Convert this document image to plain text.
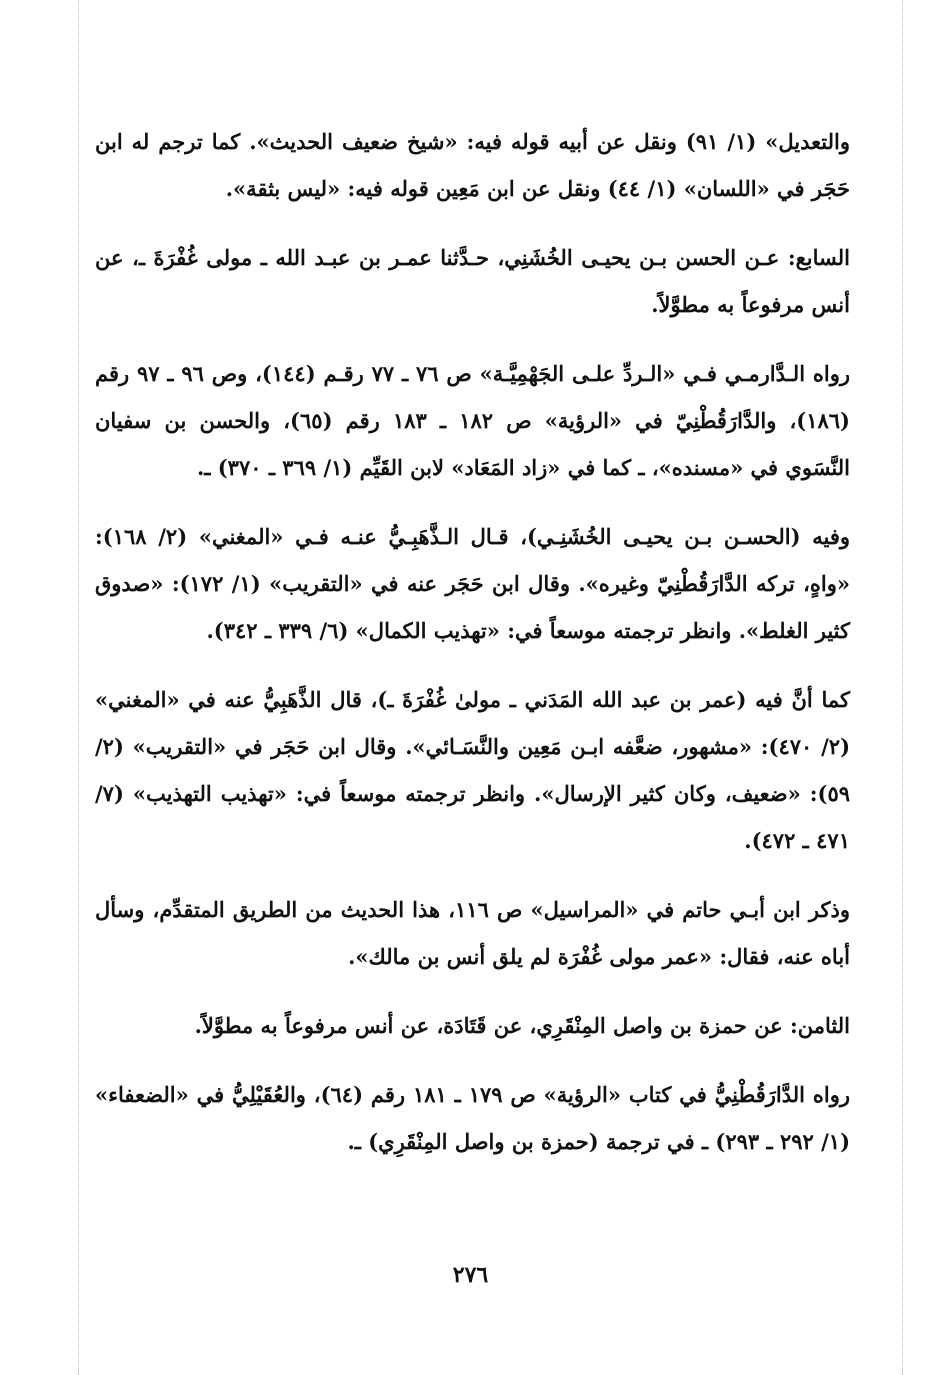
والتعديل» (١/ ٩١) ونقل عن أبيه قوله فيه: «شيخ ضعيف الحديث». كما ترجم له ابن حَجَر في «اللسان» (١/ ٤٤) ونقل عن ابن مَعِين قوله فيه: «ليس بثقة».

السابع: عـن الحسن بـن يحيـى الخُشَنِي، حـدَّثنا عمـر بن عبـد الله ـ مولى غُفْرَةَ ـ، عن أنس مرفوعاً به مطوَّلاً.

رواه الـدَّارمـي فـي «الـردِّ علـى الجَهْمِيَّـة» ص ٧٦ ـ ٧٧ رقـم (١٤٤)، وص ٩٦ ـ ٩٧ رقم (١٨٦)، والدَّارَقُطْنِيّ في «الرؤية» ص ١٨٢ ـ ١٨٣ رقم (٦٥)، والحسن بن سفيان النَّسَوي في «مسنده»، ـ كما في «زاد المَعَاد» لابن القَيِّم (١/ ٣٦٩ ـ ٣٧٠) ـ.

وفيه (الحسـن بـن يحيـى الخُشَنِـي)، قـال الـذَّهَبِـيُّ عنـه فـي «المغني» (٢/ ١٦٨): «واهٍ، تركه الدَّارَقُطْنِيّ وغيره». وقال ابن حَجَر عنه في «التقريب» (١/ ١٧٢): «صدوق كثير الغلط». وانظر ترجمته موسعاً في: «تهذيب الكمال» (٦/ ٣٣٩ ـ ٣٤٢).

كما أنَّ فيه (عمر بن عبد الله المَدَني ـ مولىٰ غُفْرَةَ ـ)، قال الذَّهَبِيُّ عنه في «المغني» (٢/ ٤٧٠): «مشهور، ضعَّفه ابـن مَعِين والنَّسَـائي». وقال ابن حَجَر في «التقريب» (٢/ ٥٩): «ضعيف، وكان كثير الإرسال». وانظر ترجمته موسعاً في: «تهذيب التهذيب» (٧/ ٤٧١ ـ ٤٧٢).

وذكر ابن أبـي حاتم في «المراسيل» ص ١١٦، هذا الحديث من الطريق المتقدِّم، وسأل أباه عنه، فقال: «عمر مولى غُفْرَة لم يلق أنس بن مالك».

الثامن: عن حمزة بن واصل المِنْقَرِي، عن قَتَادَة، عن أنس مرفوعاً به مطوَّلاً.

رواه الدَّارَقُطْنِيُّ في كتاب «الرؤية» ص ١٧٩ ـ ١٨١ رقم (٦٤)، والعُقَيْلِيُّ في «الضعفاء» (١/ ٢٩٢ ـ ٢٩٣) ـ في ترجمة (حمزة بن واصل المِنْقَرِي) ـ.

٢٧٦
